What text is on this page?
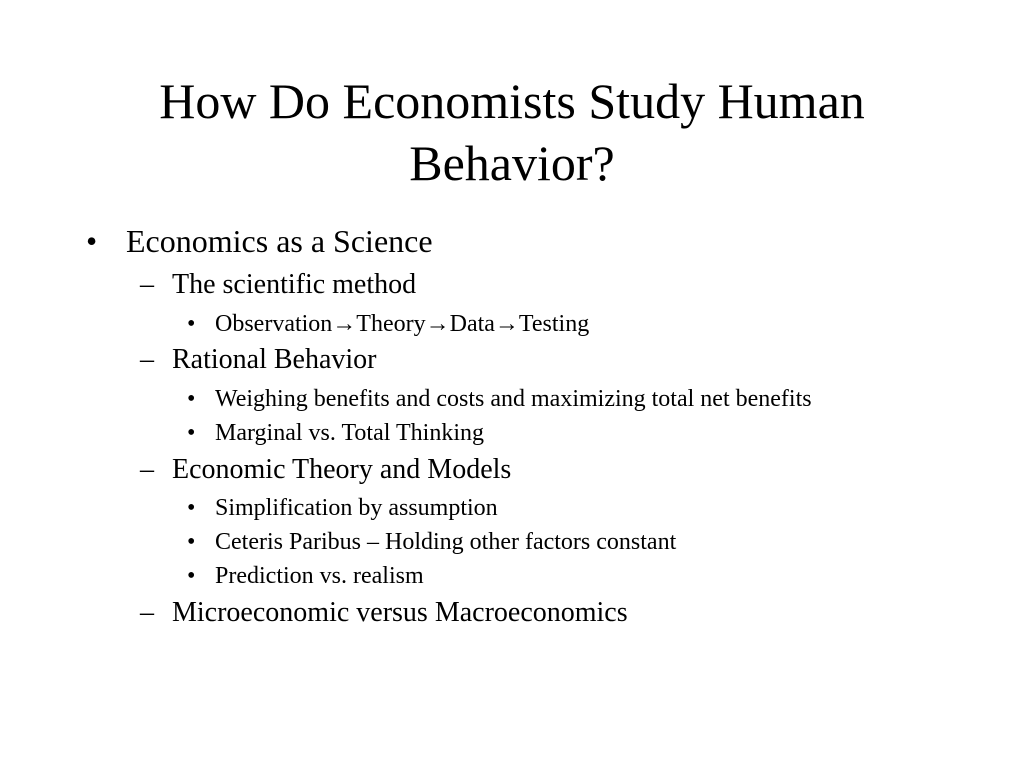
How Do Economists Study Human
Behavior?
• Economics as a Science
– The scientific method
• Observation→Theory→Data→Testing
– Rational Behavior
• Weighing benefits and costs and maximizing total net benefits
• Marginal vs. Total Thinking
– Economic Theory and Models
• Simplification by assumption
• Ceteris Paribus – Holding other factors constant
• Prediction vs. realism
– Microeconomic versus Macroeconomics
